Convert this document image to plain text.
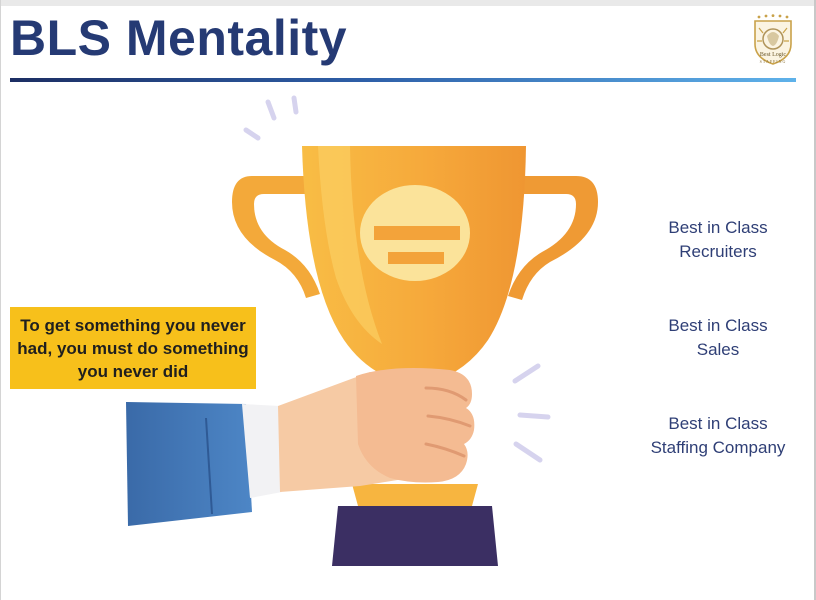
BLS Mentality	Best Logic
STAFFING
To get something you never had, you must do something you never did
Best in Class
Recruiters
Best in Class
Sales
Best in Class
Staffing Company
